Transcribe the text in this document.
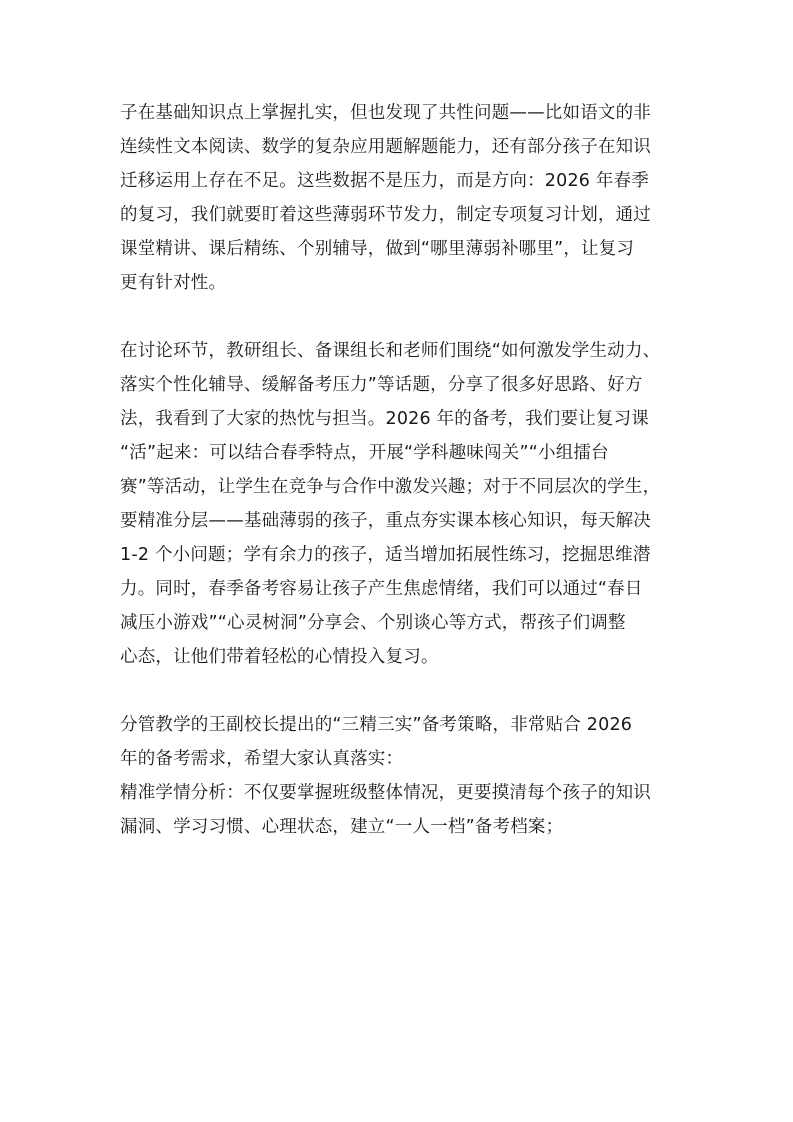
子在基础知识点上掌握扎实，但也发现了共性问题——比如语文的非
连续性文本阅读、数学的复杂应用题解题能力，还有部分孩子在知识
迁移运用上存在不足。这些数据不是压力，而是方向：2026 年春季
的复习，我们就要盯着这些薄弱环节发力，制定专项复习计划，通过
课堂精讲、课后精练、个别辅导，做到“哪里薄弱补哪里”，让复习
更有针对性。
在讨论环节，教研组长、备课组长和老师们围绕“如何激发学生动力、
落实个性化辅导、缓解备考压力”等话题，分享了很多好思路、好方
法，我看到了大家的热忱与担当。2026 年的备考，我们要让复习课
“活”起来：可以结合春季特点，开展“学科趣味闯关”“小组擂台
赛”等活动，让学生在竞争与合作中激发兴趣；对于不同层次的学生，
要精准分层——基础薄弱的孩子，重点夯实课本核心知识，每天解决
1-2 个小问题；学有余力的孩子，适当增加拓展性练习，挖掘思维潜
力。同时，春季备考容易让孩子产生焦虑情绪，我们可以通过“春日
减压小游戏”“心灵树洞”分享会、个别谈心等方式，帮孩子们调整
心态，让他们带着轻松的心情投入复习。
分管教学的王副校长提出的“三精三实”备考策略，非常贴合 2026
年的备考需求，希望大家认真落实：
精准学情分析：不仅要掌握班级整体情况，更要摸清每个孩子的知识
漏洞、学习习惯、心理状态，建立“一人一档”备考档案；
